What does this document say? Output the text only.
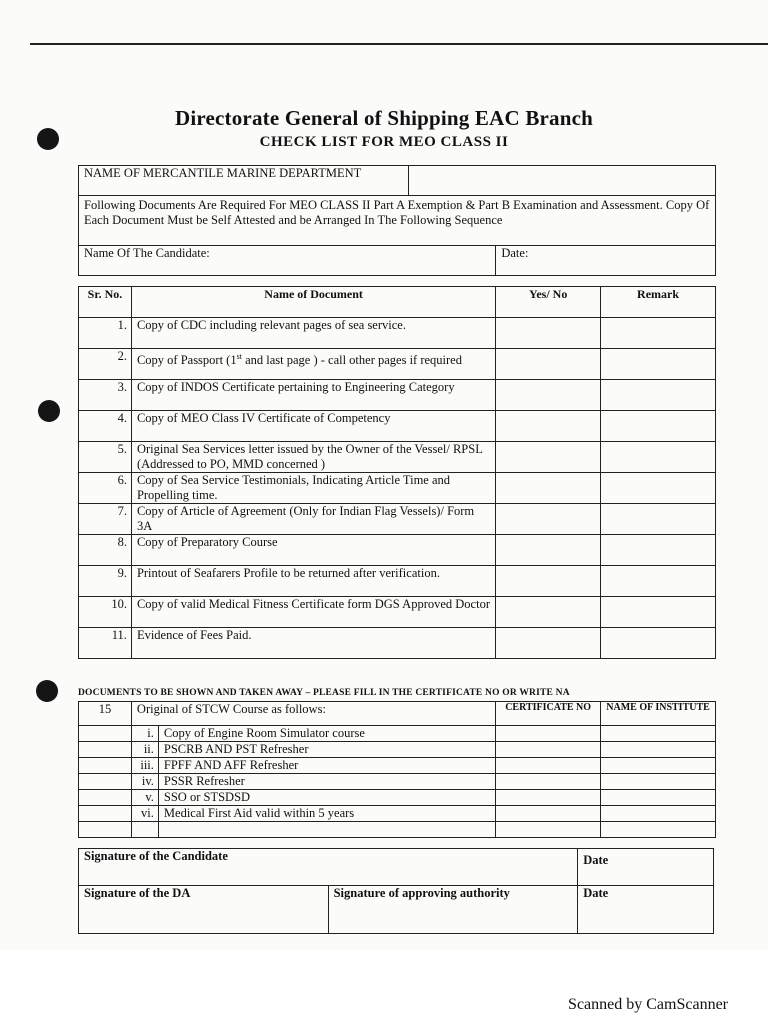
Directorate General of Shipping EAC Branch
CHECK LIST FOR MEO CLASS II
NAME OF MERCANTILE MARINE DEPARTMENT		
Following Documents Are Required For MEO CLASS II Part A Exemption & Part B Examination and Assessment. Copy Of Each Document Must be Self Attested and be Arranged In The Following Sequence		
Name Of The Candidate:		Date:
Sr. No.	Name of Document	Yes/ No	Remark
1.	Copy of CDC including relevant pages of sea service.		
2.	Copy of Passport (1st and last page ) - call other pages if required		
3.	Copy of INDOS Certificate pertaining to Engineering Category		
4.	Copy of MEO Class IV Certificate of Competency		
5.	Original Sea Services letter issued by the Owner of the Vessel/ RPSL (Addressed to PO, MMD concerned )		
6.	Copy of Sea Service Testimonials, Indicating Article Time and Propelling time.		
7.	Copy of Article of Agreement (Only for Indian Flag Vessels)/ Form 3A		
8.	Copy of Preparatory Course		
9.	Printout of Seafarers Profile to be returned after verification.		
10.	Copy of valid Medical Fitness Certificate form DGS Approved Doctor		
11.	Evidence of Fees Paid.		
DOCUMENTS TO BE SHOWN AND TAKEN AWAY – PLEASE FILL IN THE CERTIFICATE NO OR WRITE NA
15	Original of STCW Course as follows:		CERTIFICATE NO	NAME OF INSTITUTE
	i.	Copy of Engine Room Simulator course		
	ii.	PSCRB AND PST Refresher		
	iii.	FPFF AND AFF Refresher		
	iv.	PSSR Refresher		
	v.	SSO or STSDSD		
	vi.	Medical First Aid valid within 5 years		

Signature of the Candidate		Date
Signature of the DA	Signature of approving authority	Date
Scanned by CamScanner
